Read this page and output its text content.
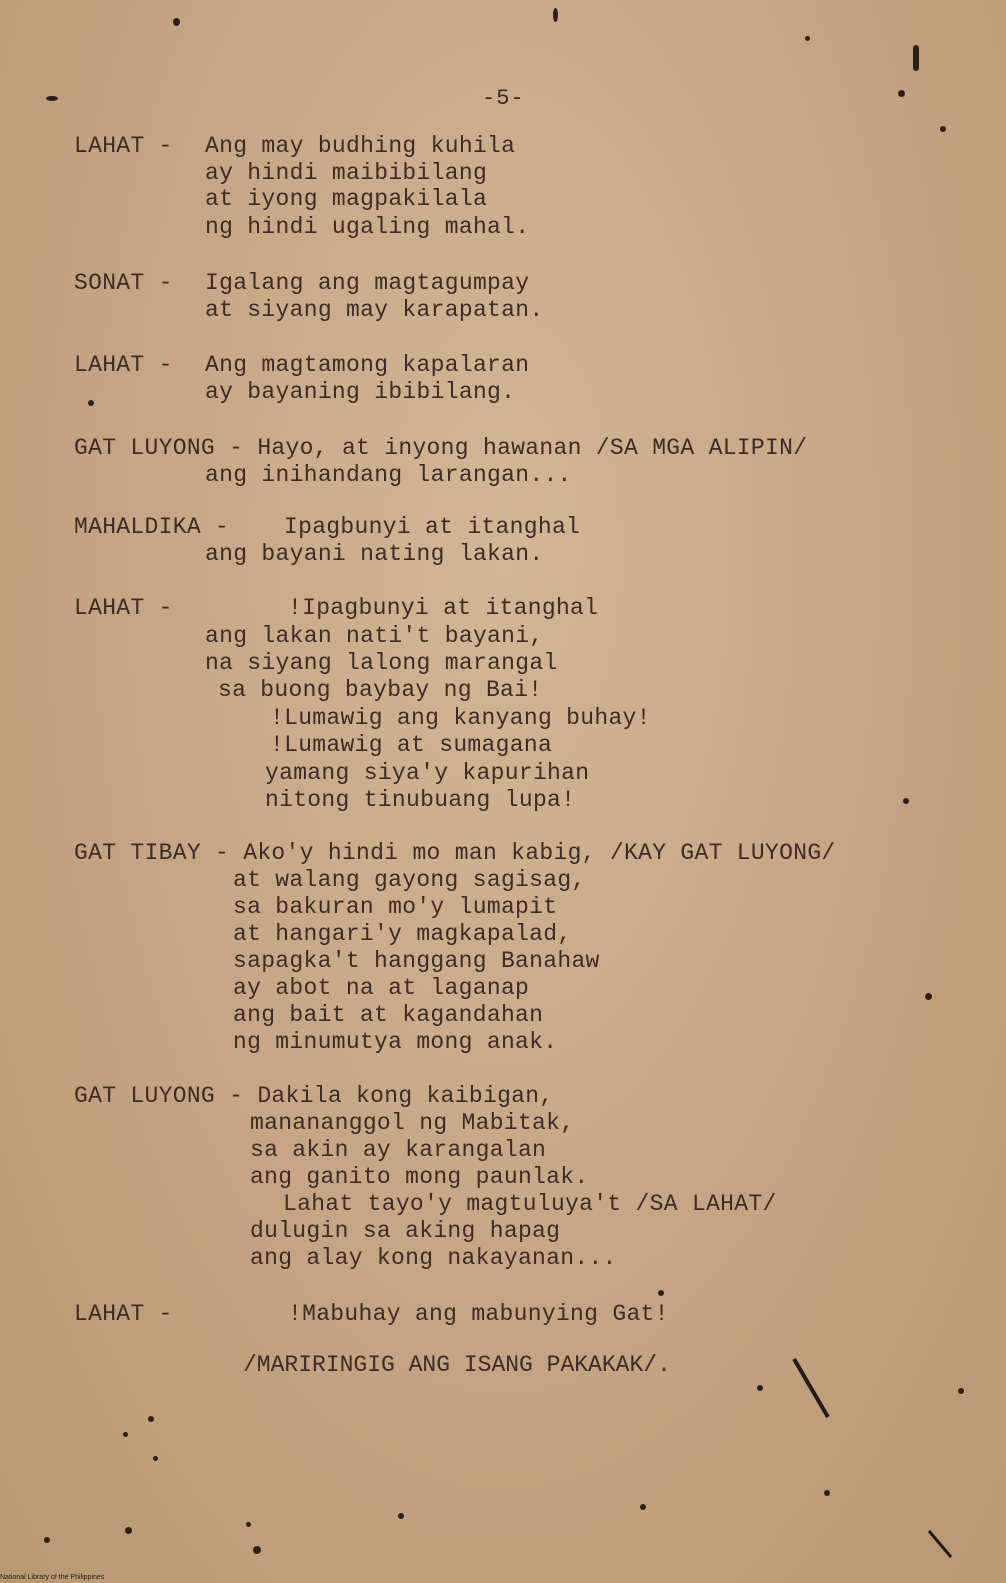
-5-
LAHAT - Ang may budhing kuhila
ay hindi maibibilang
at iyong magpakilala
ng hindi ugaling mahal.
SONAT - Igalang ang magtagumpay
at siyang may karapatan.
LAHAT - Ang magtamong kapalaran
ay bayaning ibibilang.
GAT LUYONG - Hayo, at inyong hawanan /SA MGA ALIPIN/
ang inihandang larangan...
MAHALDIKA - Ipagbunyi at itanghal
ang bayani nating lakan.
LAHAT -	!Ipagbunyi at itanghal
ang lakan nati't bayani,
na siyang lalong marangal
sa buong baybay ng Bai!
!Lumawig ang kanyang buhay!
!Lumawig at sumagana
yamang siya'y kapurihan
nitong tinubuang lupa!
GAT TIBAY - Ako'y hindi mo man kabig, /KAY GAT LUYONG/
at walang gayong sagisag,
sa bakuran mo'y lumapit
at hangari'y magkapalad,
sapagka't hanggang Banahaw
ay abot na at laganap
ang bait at kagandahan
ng minumutya mong anak.
GAT LUYONG - Dakila kong kaibigan,
manananggol ng Mabitak,
sa akin ay karangalan
ang ganito mong paunlak.
Lahat tayo'y magtuluya't /SA LAHAT/
dulugin sa aking hapag
ang alay kong nakayanan...
LAHAT -	!Mabuhay ang mabunying Gat!
/MARIRINGIG ANG ISANG PAKAKAK/.
National Library of the Philippines
